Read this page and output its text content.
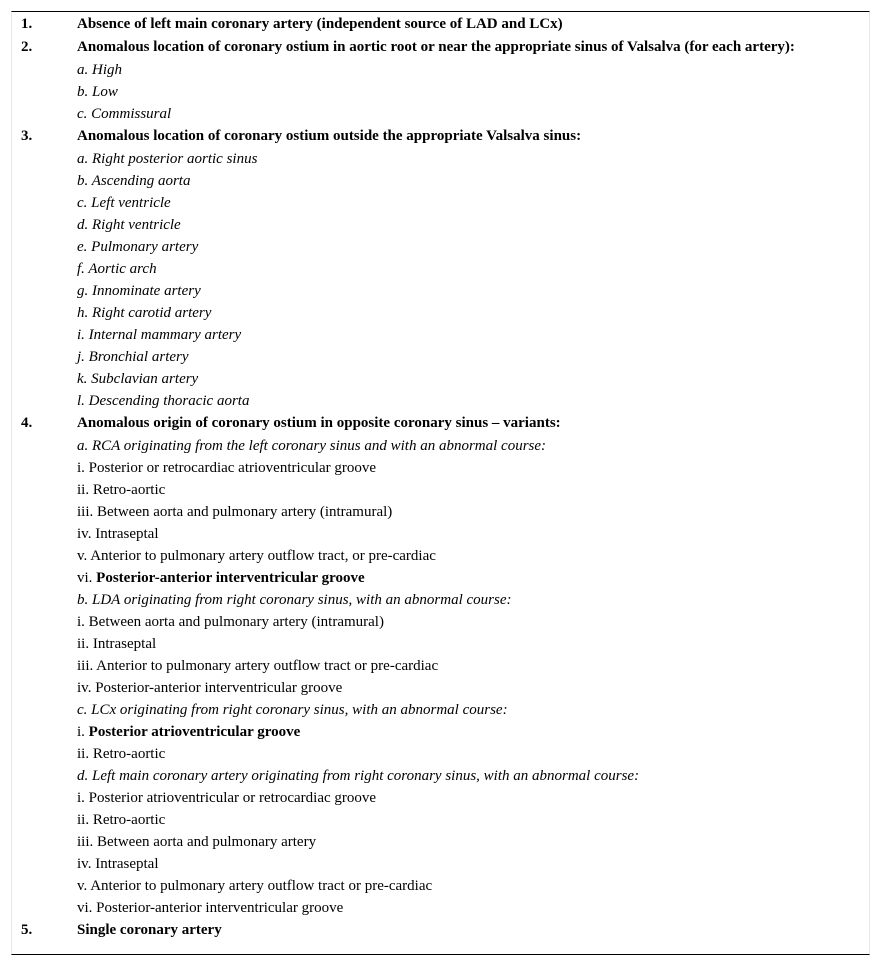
1.	Absence of left main coronary artery (independent source of LAD and LCx)
2.	Anomalous location of coronary ostium in aortic root or near the appropriate sinus of Valsalva (for each artery):
a. High
b. Low
c. Commissural
3.	Anomalous location of coronary ostium outside the appropriate Valsalva sinus:
a. Right posterior aortic sinus
b. Ascending aorta
c. Left ventricle
d. Right ventricle
e. Pulmonary artery
f. Aortic arch
g. Innominate artery
h. Right carotid artery
i. Internal mammary artery
j. Bronchial artery
k. Subclavian artery
l. Descending thoracic aorta
4.	Anomalous origin of coronary ostium in opposite coronary sinus – variants:
a. RCA originating from the left coronary sinus and with an abnormal course:
i. Posterior or retrocardiac atrioventricular groove
ii. Retro-aortic
iii. Between aorta and pulmonary artery (intramural)
iv. Intraseptal
v. Anterior to pulmonary artery outflow tract, or pre-cardiac
vi. Posterior-anterior interventricular groove
b. LDA originating from right coronary sinus, with an abnormal course:
i. Between aorta and pulmonary artery (intramural)
ii. Intraseptal
iii. Anterior to pulmonary artery outflow tract or pre-cardiac
iv. Posterior-anterior interventricular groove
c. LCx originating from right coronary sinus, with an abnormal course:
i. Posterior atrioventricular groove
ii. Retro-aortic
d. Left main coronary artery originating from right coronary sinus, with an abnormal course:
i. Posterior atrioventricular or retrocardiac groove
ii. Retro-aortic
iii. Between aorta and pulmonary artery
iv. Intraseptal
v. Anterior to pulmonary artery outflow tract or pre-cardiac
vi. Posterior-anterior interventricular groove
5.	Single coronary artery
